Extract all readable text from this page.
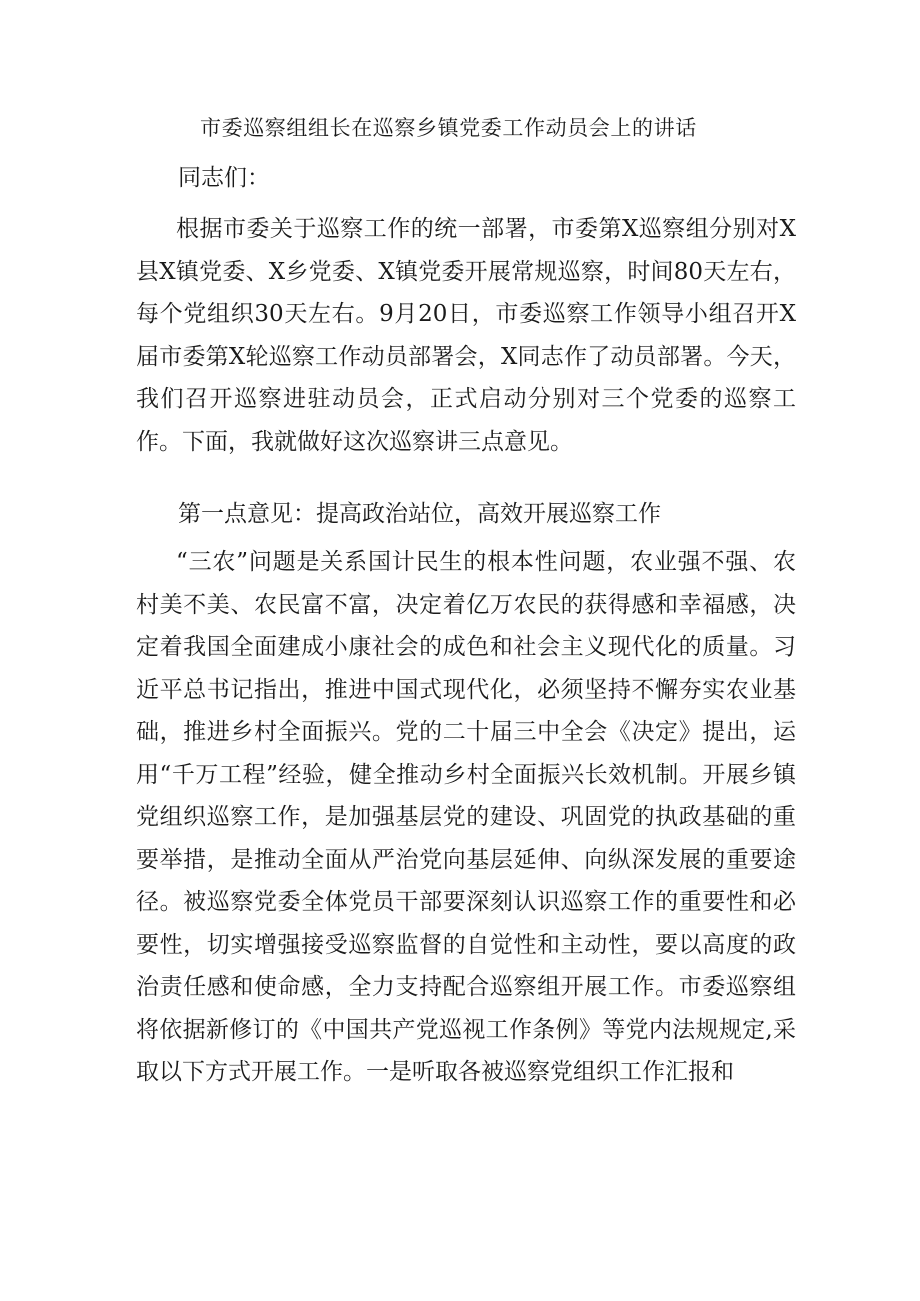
市委巡察组组长在巡察乡镇党委工作动员会上的讲话
同志们：

根据市委关于巡察工作的统一部署，市委第X巡察组分别对X县X镇党委、X乡党委、X镇党委开展常规巡察，时间80天左右，每个党组织30天左右。9月20日，市委巡察工作领导小组召开X届市委第X轮巡察工作动员部署会，X同志作了动员部署。今天，我们召开巡察进驻动员会，正式启动分别对三个党委的巡察工作。下面，我就做好这次巡察讲三点意见。

第一点意见：提高政治站位，高效开展巡察工作

“三农”问题是关系国计民生的根本性问题，农业强不强、农村美不美、农民富不富，决定着亿万农民的获得感和幸福感，决定着我国全面建成小康社会的成色和社会主义现代化的质量。习近平总书记指出，推进中国式现代化，必须坚持不懈夯实农业基础，推进乡村全面振兴。党的二十届三中全会《决定》提出，运用“千万工程”经验，健全推动乡村全面振兴长效机制。开展乡镇党组织巡察工作，是加强基层党的建设、巩固党的执政基础的重要举措，是推动全面从严治党向基层延伸、向纵深发展的重要途径。被巡察党委全体党员干部要深刻认识巡察工作的重要性和必要性，切实增强接受巡察监督的自觉性和主动性，要以高度的政治责任感和使命感，全力支持配合巡察组开展工作。市委巡察组将依据新修订的《中国共产党巡视工作条例》等党内法规规定,采取以下方式开展工作。一是听取各被巡察党组织工作汇报和
